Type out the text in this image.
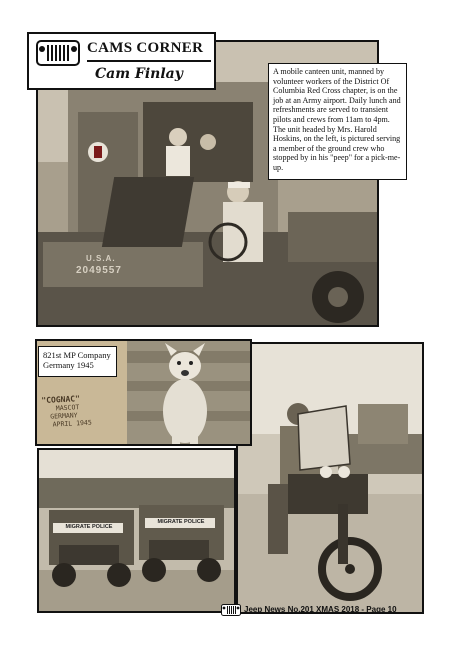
U.S.A.
2049557
CAMS CORNER
Cam Finlay	A mobile canteen unit, manned by volunteer workers of the District Of Columbia Red Cross chapter, is on the job at an Army airport. Daily lunch and refreshments are served to transient pilots and crews from 11am to 4pm. The unit headed by Mrs. Harold Hoskins, on the left, is pictured serving a member of the ground crew who stopped by in his "peep" for a pick-me-up.
821st MP Company
Germany 1945
"COGNAC"
MASCOT
GERMANY
APRIL 1945
MIGRATE POLICE
MIGRATE POLICE
Jeep News No.201 XMAS 2018 - Page 10
